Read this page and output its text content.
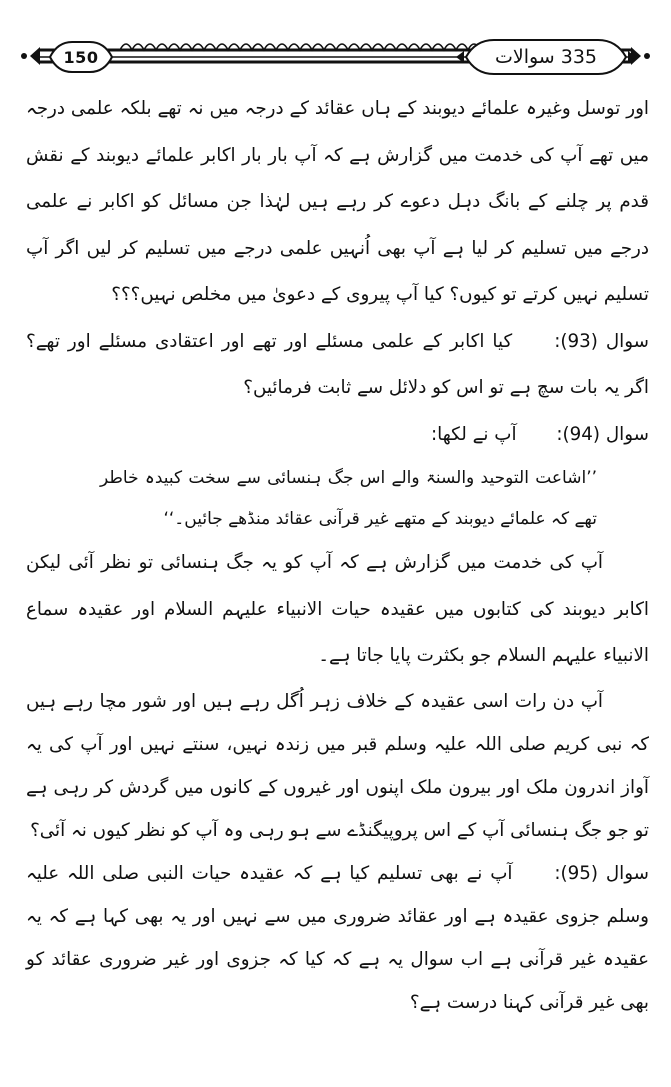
150	335 سوالات

اور توسل وغیرہ علمائے دیوبند کے ہاں عقائد کے درجہ میں نہ تھے بلکہ علمی درجہ میں تھے آپ کی خدمت میں گزارش ہے کہ آپ بار بار اکابر علمائے دیوبند کے نقش قدم پر چلنے کے بانگ دہل دعوے کر رہے ہیں لہٰذا جن مسائل کو اکابر نے علمی درجے میں تسلیم کر لیا ہے آپ بھی اُنہیں علمی درجے میں تسلیم کر لیں اگر آپ تسلیم نہیں کرتے تو کیوں؟ کیا آپ پیروی کے دعویٰ میں مخلص نہیں؟؟؟

سوال (93): کیا اکابر کے علمی مسئلے اور تھے اور اعتقادی مسئلے اور تھے؟ اگر یہ بات سچ ہے تو اس کو دلائل سے ثابت فرمائیں؟

سوال (94): آپ نے لکھا:

’’اشاعت التوحید والسنۃ والے اس جگ ہنسائی سے سخت کبیدہ خاطر تھے کہ علمائے دیوبند کے متھے غیر قرآنی عقائد منڈھے جائیں۔‘‘

آپ کی خدمت میں گزارش ہے کہ آپ کو یہ جگ ہنسائی تو نظر آئی لیکن اکابر دیوبند کی کتابوں میں عقیدہ حیات الانبیاء علیہم السلام اور عقیدہ سماع الانبیاء علیہم السلام جو بکثرت پایا جاتا ہے۔

آپ دن رات اسی عقیدہ کے خلاف زہر اُگل رہے ہیں اور شور مچا رہے ہیں کہ نبی کریم صلی اللہ علیہ وسلم قبر میں زندہ نہیں، سنتے نہیں اور آپ کی یہ آواز اندرون ملک اور بیرون ملک اپنوں اور غیروں کے کانوں میں گردش کر رہی ہے تو جو جگ ہنسائی آپ کے اس پروپیگنڈے سے ہو رہی وہ آپ کو نظر کیوں نہ آئی؟

سوال (95): آپ نے بھی تسلیم کیا ہے کہ عقیدہ حیات النبی صلی اللہ علیہ وسلم جزوی عقیدہ ہے اور عقائد ضروری میں سے نہیں اور یہ بھی کہا ہے کہ یہ عقیدہ غیر قرآنی ہے اب سوال یہ ہے کہ کیا کہ جزوی اور غیر ضروری عقائد کو بھی غیر قرآنی کہنا درست ہے؟
